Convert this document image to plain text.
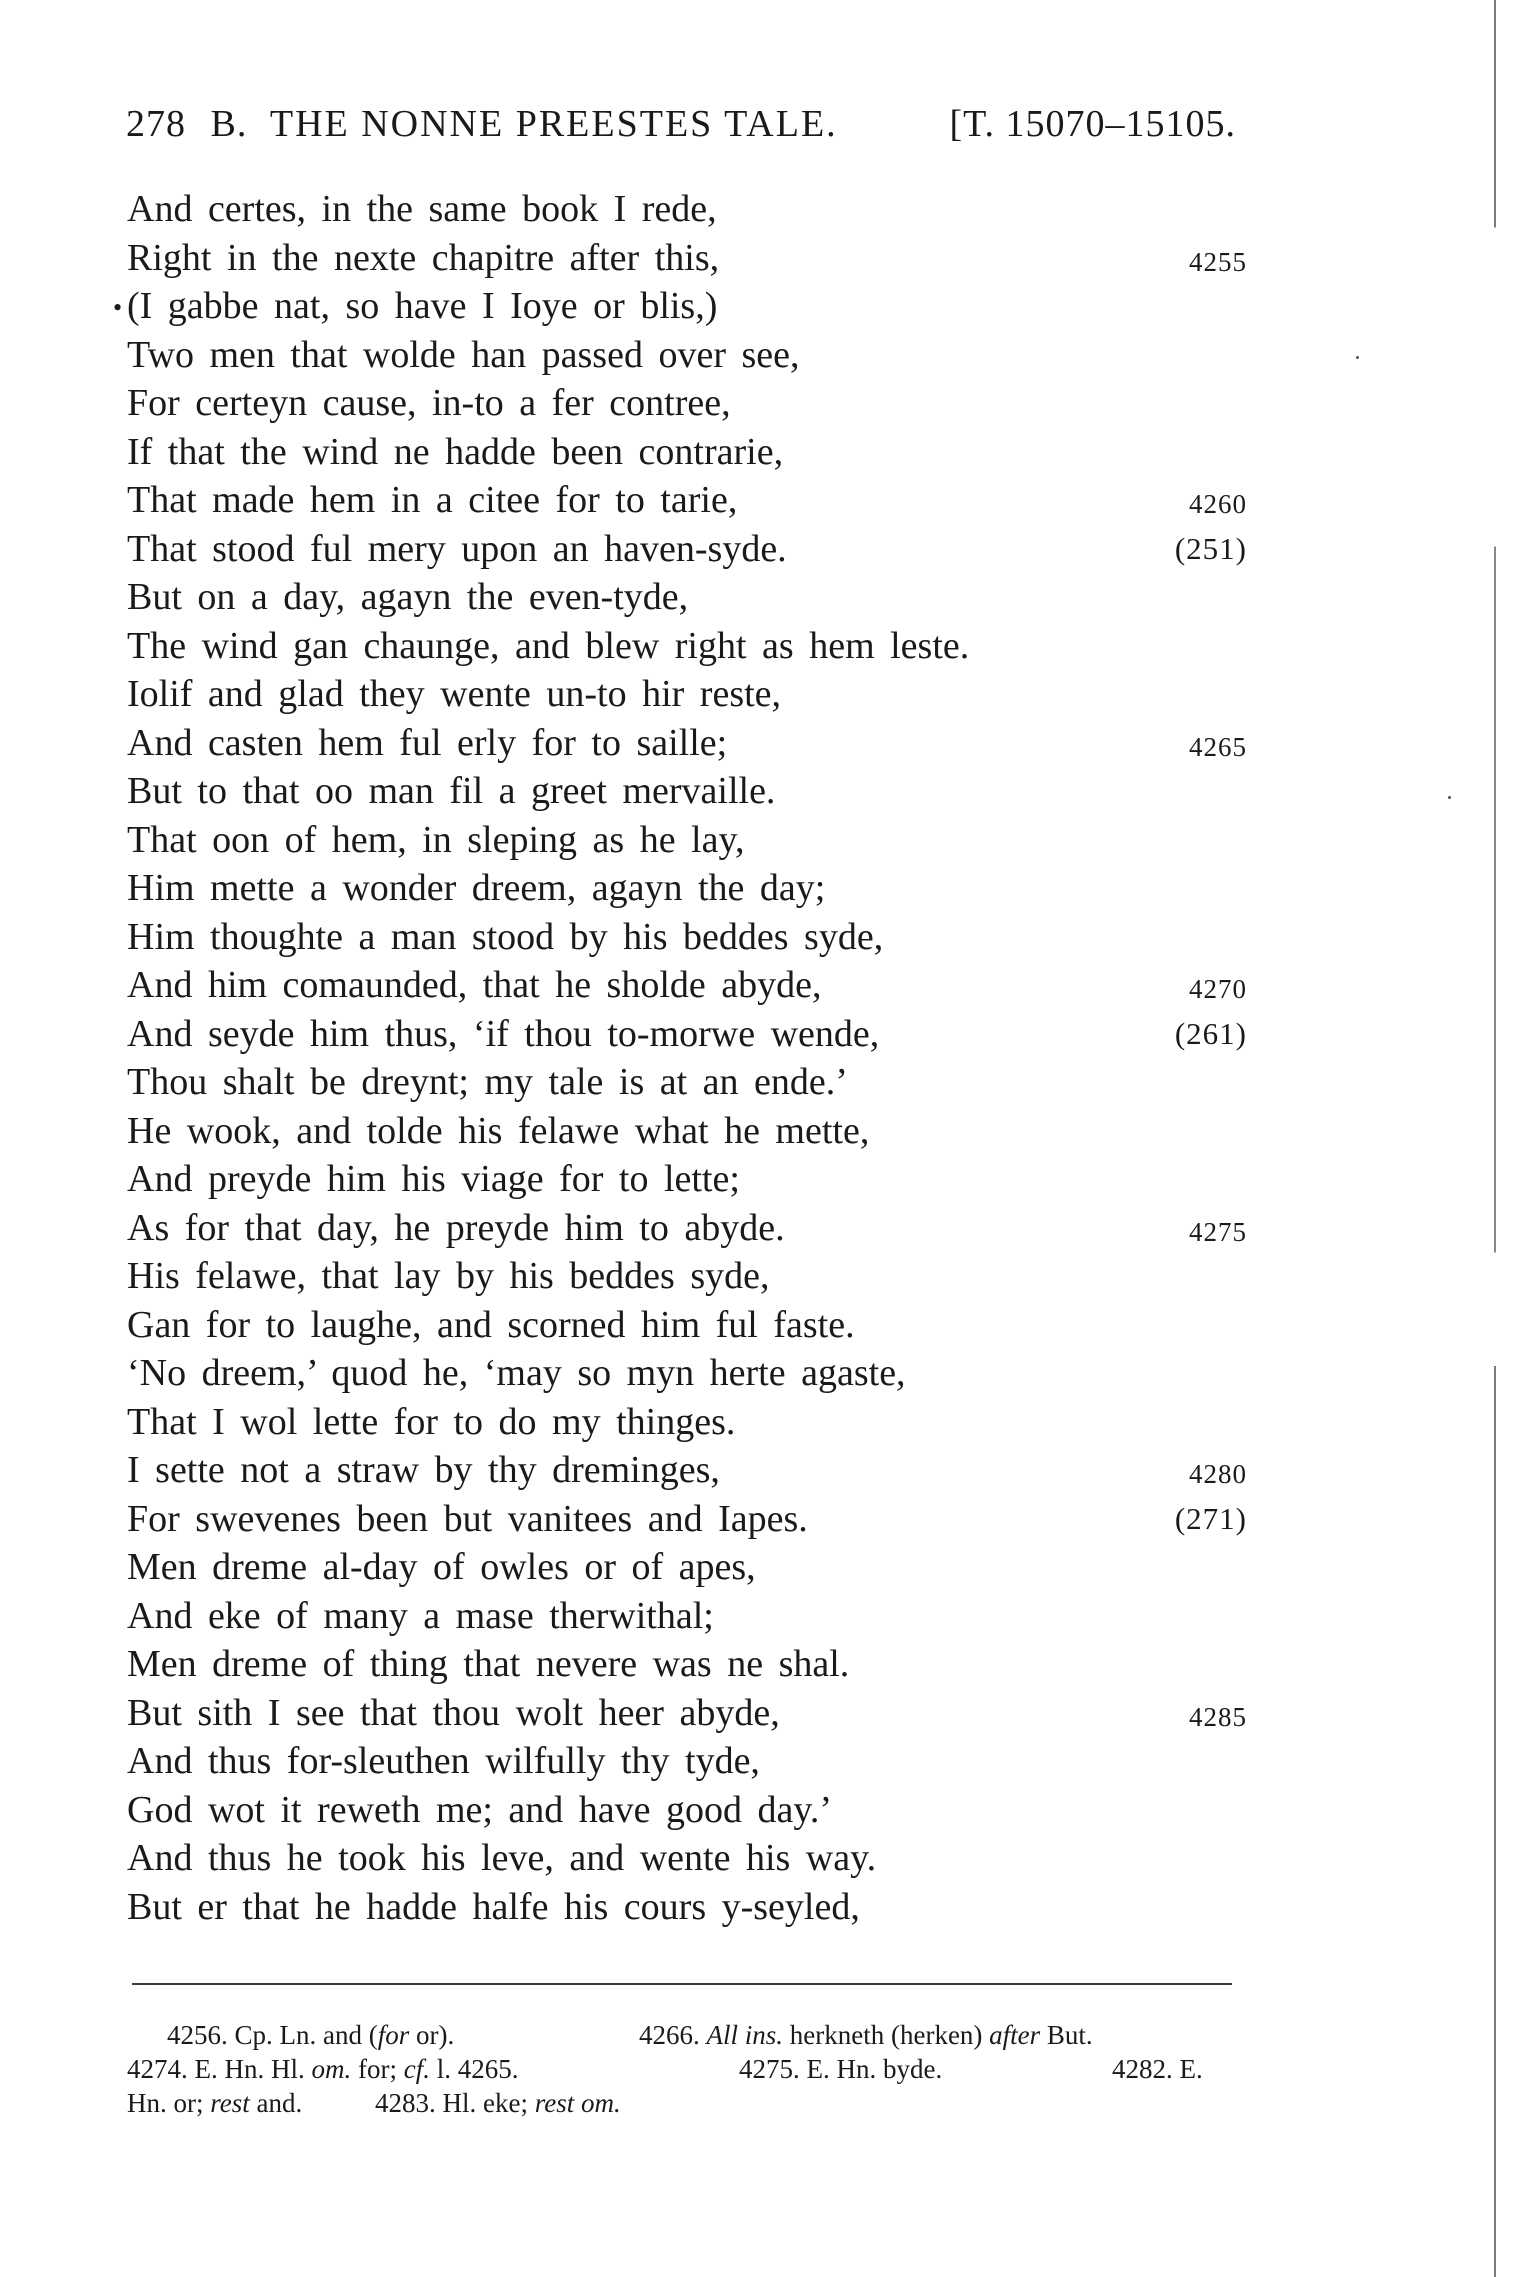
278 B. THE NONNE PREESTES TALE.	[T. 15070–15105.
And certes, in the same book I rede,
Right in the nexte chapitre after this,	4255
• (I gabbe nat, so have I Ioye or blis,)
Two men that wolde han passed over see,
For certeyn cause, in-to a fer contree,
If that the wind ne hadde been contrarie,
That made hem in a citee for to tarie,	4260
That stood ful mery upon an haven-syde.	(251)
But on a day, agayn the even-tyde,
The wind gan chaunge, and blew right as hem leste.
Iolif and glad they wente un-to hir reste,
And casten hem ful erly for to saille;	4265
But to that oo man fil a greet mervaille.
That oon of hem, in sleping as he lay,
Him mette a wonder dreem, agayn the day;
Him thoughte a man stood by his beddes syde,
And him comaunded, that he sholde abyde,	4270
And seyde him thus, ‘if thou to-morwe wende,	(261)
Thou shalt be dreynt; my tale is at an ende.’
He wook, and tolde his felawe what he mette,
And preyde him his viage for to lette;
As for that day, he preyde him to abyde.	4275
His felawe, that lay by his beddes syde,
Gan for to laughe, and scorned him ful faste.
‘No dreem,’ quod he, ‘may so myn herte agaste,
That I wol lette for to do my thinges.
I sette not a straw by thy dreminges,	4280
For swevenes been but vanitees and Iapes.	(271)
Men dreme al-day of owles or of apes,
And eke of many a mase therwithal;
Men dreme of thing that nevere was ne shal.
But sith I see that thou wolt heer abyde,	4285
And thus for-sleuthen wilfully thy tyde,
God wot it reweth me; and have good day.’
And thus he took his leve, and wente his way.
But er that he hadde halfe his cours y-seyled,
4256. Cp. Ln. and (for or).	4266. All ins. herkneth (herken) after But.
4274. E. Hn. Hl. om. for; cf. l. 4265.	4275. E. Hn. byde.	4282. E.
Hn. or; rest and.	4283. Hl. eke; rest om.
